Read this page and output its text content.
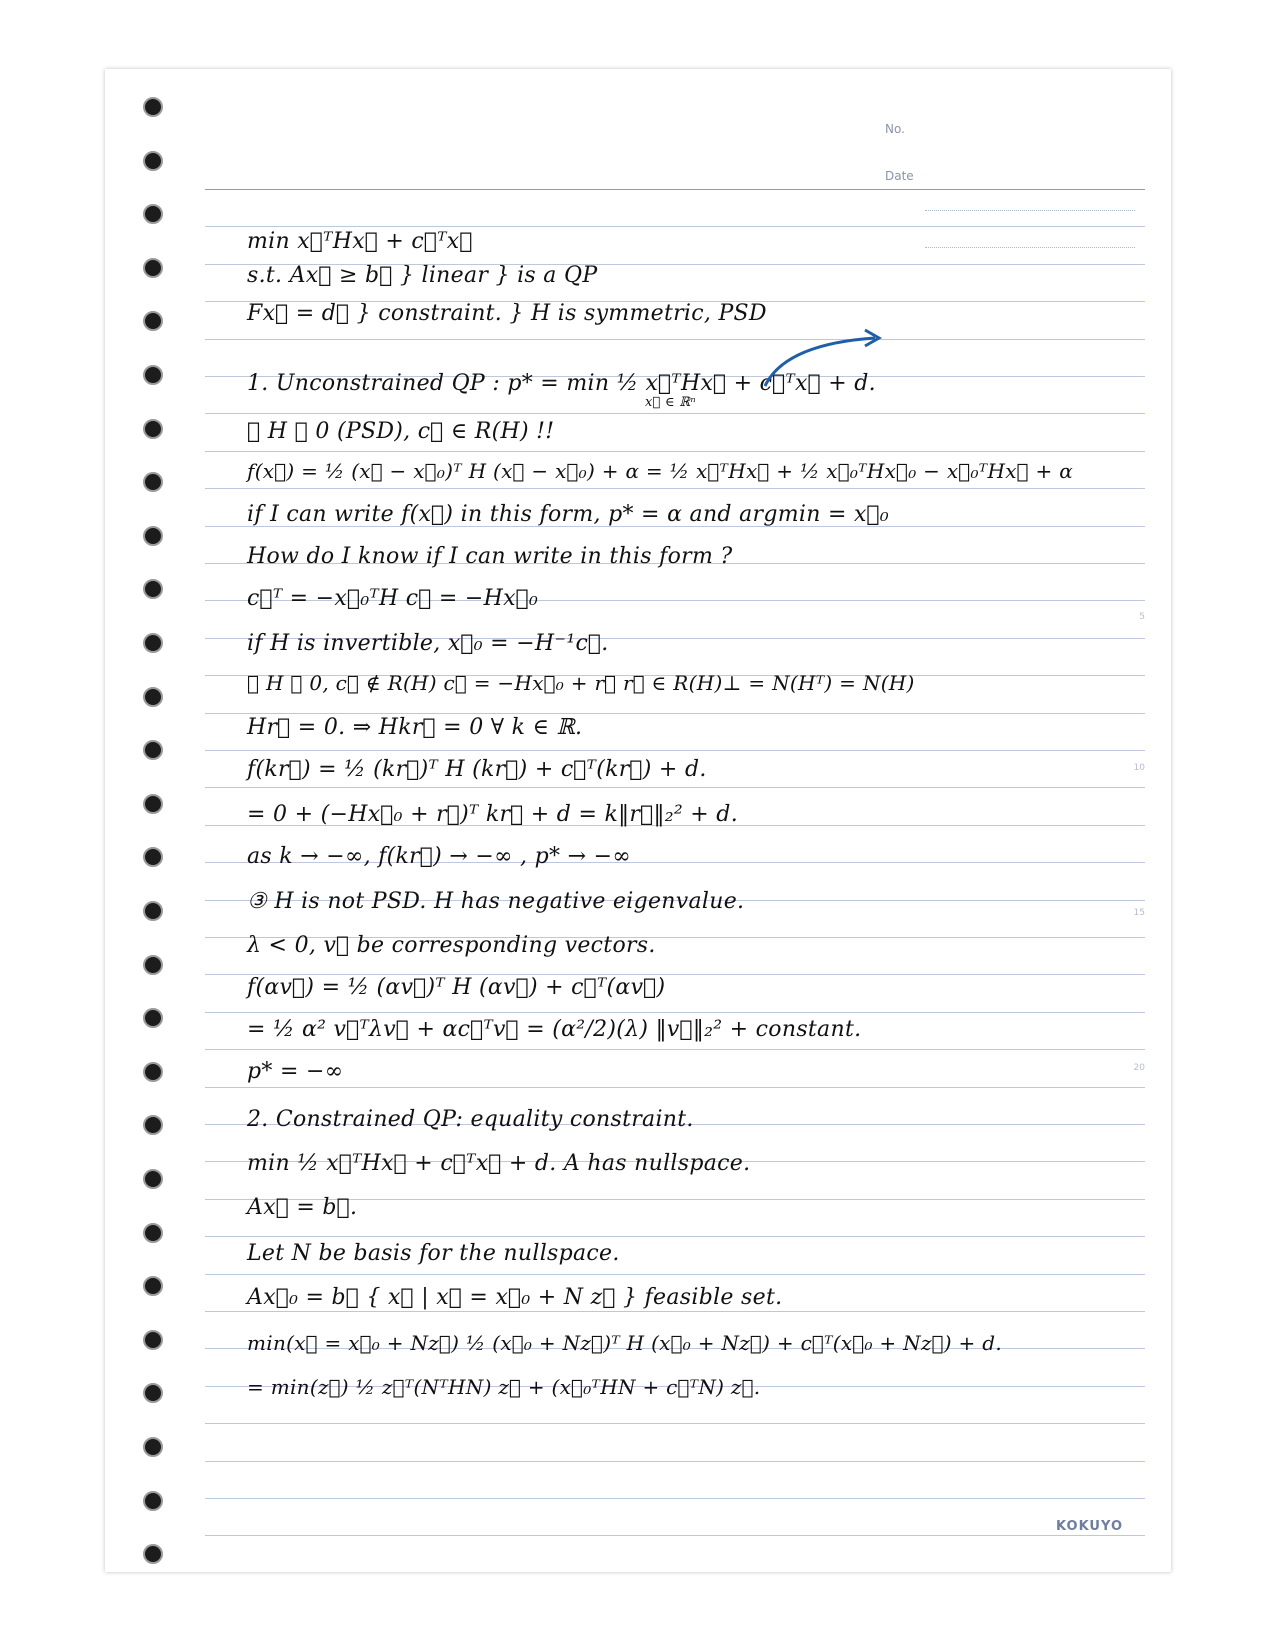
No.
Date
5
10
15
20
min x⃗ᵀHx⃗ + c⃗ᵀx⃗
s.t. Ax⃗ ≥ b⃗ } linear } is a QP
Fx⃗ = d⃗ } constraint. } H is symmetric, PSD
1. Unconstrained QP : p* = min ½ x⃗ᵀHx⃗ + c⃗ᵀx⃗ + d.
x⃗ ∈ ℝⁿ
① H ⪰ 0 (PSD), c⃗ ∈ R(H) !!
f(x⃗) = ½ (x⃗ − x⃗₀)ᵀ H (x⃗ − x⃗₀) + α = ½ x⃗ᵀHx⃗ + ½ x⃗₀ᵀHx⃗₀ − x⃗₀ᵀHx⃗ + α
if I can write f(x⃗) in this form, p* = α and argmin = x⃗₀
How do I know if I can write in this form ?
c⃗ᵀ = −x⃗₀ᵀH c⃗ = −Hx⃗₀
if H is invertible, x⃗₀ = −H⁻¹c⃗.
② H ⪰ 0, c⃗ ∉ R(H) c⃗ = −Hx⃗₀ + r⃗ r⃗ ∈ R(H)⊥ = N(Hᵀ) = N(H)
Hr⃗ = 0. ⇒ Hkr⃗ = 0 ∀ k ∈ ℝ.
f(kr⃗) = ½ (kr⃗)ᵀ H (kr⃗) + c⃗ᵀ(kr⃗) + d.
= 0 + (−Hx⃗₀ + r⃗)ᵀ kr⃗ + d = k‖r⃗‖₂² + d.
as k → −∞, f(kr⃗) → −∞ , p* → −∞
③ H is not PSD. H has negative eigenvalue.
λ < 0, v⃗ be corresponding vectors.
f(αv⃗) = ½ (αv⃗)ᵀ H (αv⃗) + c⃗ᵀ(αv⃗)
= ½ α² v⃗ᵀλv⃗ + αc⃗ᵀv⃗ = (α²/2)(λ) ‖v⃗‖₂² + constant.
p* = −∞
2. Constrained QP: equality constraint.
min ½ x⃗ᵀHx⃗ + c⃗ᵀx⃗ + d. A has nullspace.
Ax⃗ = b⃗.
Let N be basis for the nullspace.
Ax⃗₀ = b⃗ { x⃗ | x⃗ = x⃗₀ + N z⃗ } feasible set.
min(x⃗ = x⃗₀ + Nz⃗) ½ (x⃗₀ + Nz⃗)ᵀ H (x⃗₀ + Nz⃗) + c⃗ᵀ(x⃗₀ + Nz⃗) + d.
= min(z⃗) ½ z⃗ᵀ(NᵀHN) z⃗ + (x⃗₀ᵀHN + c⃗ᵀN) z⃗.
KOKUYO
